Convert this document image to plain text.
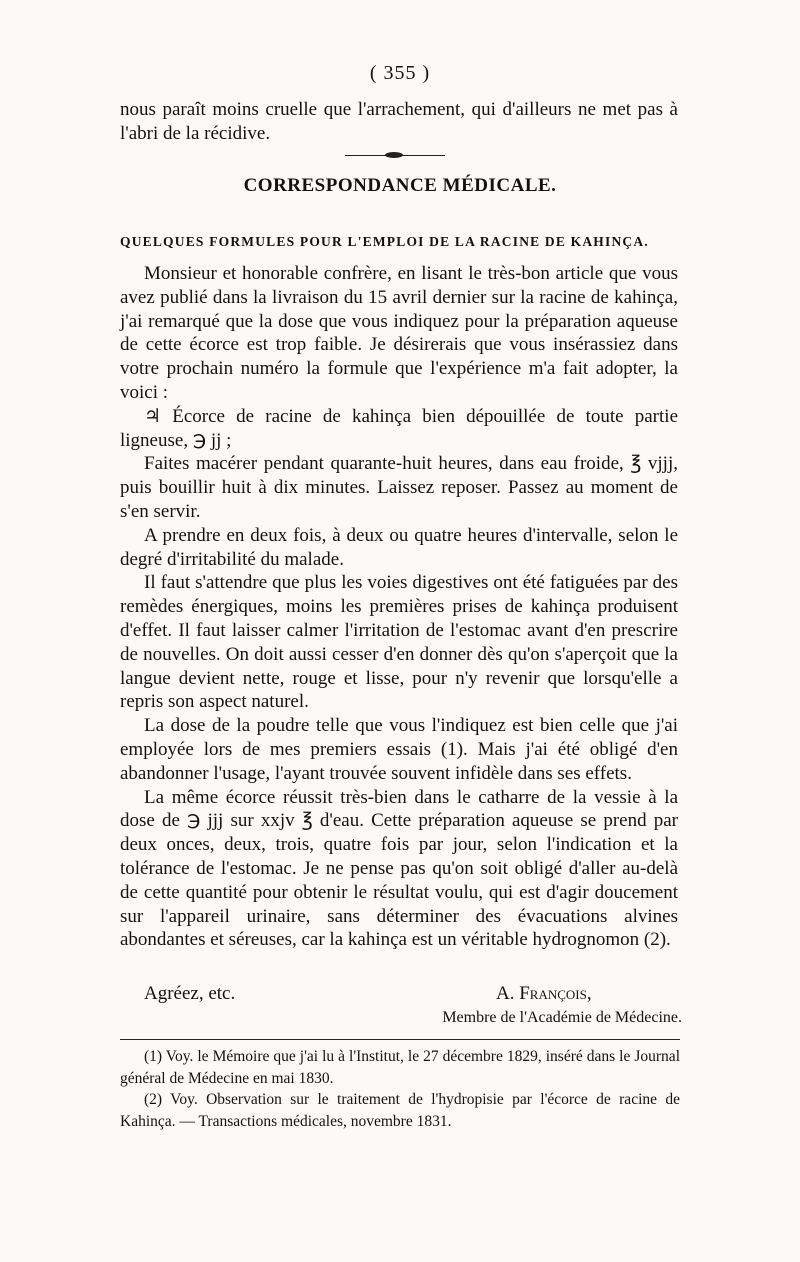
( 355 )
nous paraît moins cruelle que l'arrachement, qui d'ailleurs ne met pas à l'abri de la récidive.
CORRESPONDANCE MÉDICALE.
QUELQUES FORMULES POUR L'EMPLOI DE LA RACINE DE KAHINÇA.

Monsieur et honorable confrère, en lisant le très-bon article que vous avez publié dans la livraison du 15 avril dernier sur la racine de kahinça, j'ai remarqué que la dose que vous indiquez pour la préparation aqueuse de cette écorce est trop faible. Je désirerais que vous insérassiez dans votre prochain numéro la formule que l'expérience m'a fait adopter, la voici :

♃ Écorce de racine de kahinça bien dépouillée de toute partie ligneuse, ℈ jj ;

Faites macérer pendant quarante-huit heures, dans eau froide, ℥ vjjj, puis bouillir huit à dix minutes. Laissez reposer. Passez au moment de s'en servir.

A prendre en deux fois, à deux ou quatre heures d'intervalle, selon le degré d'irritabilité du malade.

Il faut s'attendre que plus les voies digestives ont été fatiguées par des remèdes énergiques, moins les premières prises de kahinça produisent d'effet. Il faut laisser calmer l'irritation de l'estomac avant d'en prescrire de nouvelles. On doit aussi cesser d'en donner dès qu'on s'aperçoit que la langue devient nette, rouge et lisse, pour n'y revenir que lorsqu'elle a repris son aspect naturel.

La dose de la poudre telle que vous l'indiquez est bien celle que j'ai employée lors de mes premiers essais (1). Mais j'ai été obligé d'en abandonner l'usage, l'ayant trouvée souvent infidèle dans ses effets.

La même écorce réussit très-bien dans le catharre de la vessie à la dose de ℈ jjj sur xxjv ℥ d'eau. Cette préparation aqueuse se prend par deux onces, deux, trois, quatre fois par jour, selon l'indication et la tolérance de l'estomac. Je ne pense pas qu'on soit obligé d'aller au-delà de cette quantité pour obtenir le résultat voulu, qui est d'agir doucement sur l'appareil urinaire, sans déterminer des évacuations alvines abondantes et séreuses, car la kahinça est un véritable hydrognomon (2).

Agréez, etc.	A. François,
Membre de l'Académie de Médecine.

(1) Voy. le Mémoire que j'ai lu à l'Institut, le 27 décembre 1829, inséré dans le Journal général de Médecine en mai 1830.

(2) Voy. Observation sur le traitement de l'hydropisie par l'écorce de racine de Kahinça. — Transactions médicales, novembre 1831.
